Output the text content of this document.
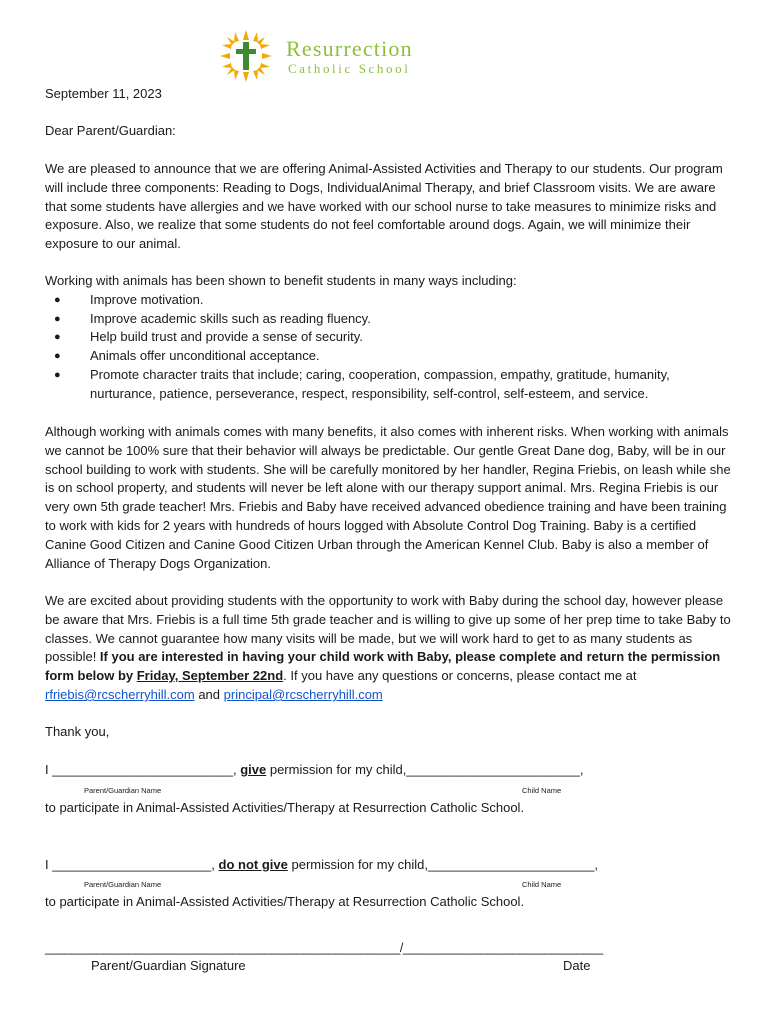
Resurrection
Catholic School
September 11, 2023
Dear Parent/Guardian:

We are pleased to announce that we are offering Animal-Assisted Activities and Therapy to our students. Our program will include three components: Reading to Dogs, IndividualAnimal Therapy, and brief Classroom visits. We are aware that some students have allergies and we have worked with our school nurse to take measures to minimize risks and exposure. Also, we realize that some students do not feel comfortable around dogs. Again, we will minimize their exposure to our animal.

Working with animals has been shown to benefit students in many ways including:
● Improve motivation.
● Improve academic skills such as reading fluency.
● Help build trust and provide a sense of security.
● Animals offer unconditional acceptance.
● Promote character traits that include; caring, cooperation, compassion, empathy, gratitude, humanity, nurturance, patience, perseverance, respect, responsibility, self-control, self-esteem, and service.

Although working with animals comes with many benefits, it also comes with inherent risks. When working with animals we cannot be 100% sure that their behavior will always be predictable. Our gentle Great Dane dog, Baby, will be in our school building to work with students. She will be carefully monitored by her handler, Regina Friebis, on leash while she is on school property, and students will never be left alone with our therapy support animal. Mrs. Regina Friebis is our very own 5th grade teacher! Mrs. Friebis and Baby have received advanced obedience training and have been training to work with kids for 2 years with hundreds of hours logged with Absolute Control Dog Training. Baby is a certified Canine Good Citizen and Canine Good Citizen Urban through the American Kennel Club. Baby is also a member of Alliance of Therapy Dogs Organization.

We are excited about providing students with the opportunity to work with Baby during the school day, however please be aware that Mrs. Friebis is a full time 5th grade teacher and is willing to give up some of her prep time to take Baby to classes. We cannot guarantee how many visits will be made, but we will work hard to get to as many students as possible! If you are interested in having your child work with Baby, please complete and return the permission form below by Friday, September 22nd. If you have any questions or concerns, please contact me at rfriebis@rcscherryhill.com and principal@rcscherryhill.com

Thank you,
I _________________________, give permission for my child,________________________,
Parent/Guardian Name	Child Name
to participate in Animal-Assisted Activities/Therapy at Resurrection Catholic School.
I ______________________, do not give permission for my child,_______________________,
Parent/Guardian Name	Child Name
to participate in Animal-Assisted Activities/Therapy at Resurrection Catholic School.
_______________________________________________________/_______________________________
Parent/Guardian Signature	Date
